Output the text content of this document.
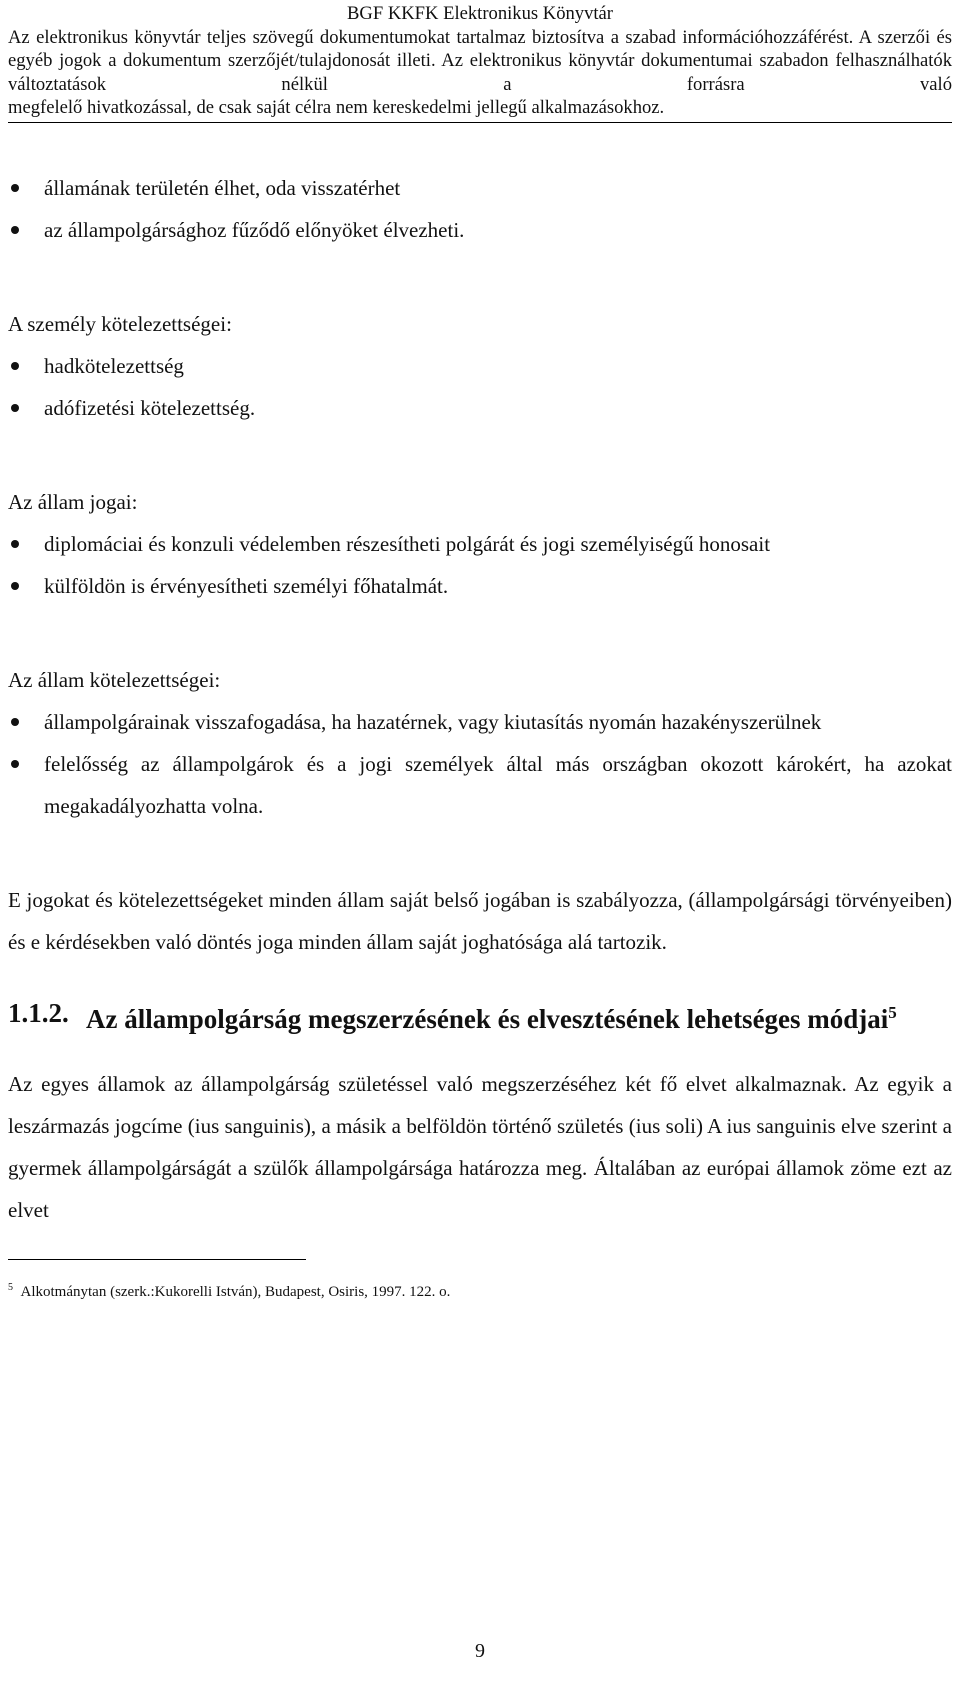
BGF KKFK Elektronikus Könyvtár
Az elektronikus könyvtár teljes szövegű dokumentumokat tartalmaz biztosítva a szabad információhozzáférést. A szerzői és egyéb jogok a dokumentum szerzőjét/tulajdonosát illeti. Az elektronikus könyvtár dokumentumai szabadon felhasználhatók változtatások nélkül a forrásra való
megfelelő hivatkozással, de csak saját célra nem kereskedelmi jellegű alkalmazásokhoz.
államának területén élhet, oda visszatérhet
az állampolgársághoz fűződő előnyöket élvezheti.

A személy kötelezettségei:

hadkötelezettség
adófizetési kötelezettség.

Az állam jogai:

diplomáciai és konzuli védelemben részesítheti polgárát és jogi személyiségű honosait
külföldön is érvényesítheti személyi főhatalmát.

Az állam kötelezettségei:

állampolgárainak visszafogadása, ha hazatérnek, vagy kiutasítás nyomán hazakényszerülnek
felelősség az állampolgárok és a jogi személyek által más országban okozott károkért, ha azokat megakadályozhatta volna.

E jogokat és kötelezettségeket minden állam saját belső jogában is szabályozza, (állampolgársági törvényeiben) és e kérdésekben való döntés joga minden állam saját joghatósága alá tartozik.

1.1.2. Az állampolgárság megszerzésének és elvesztésének lehetséges módjai$^5$

Az egyes államok az állampolgárság születéssel való megszerzéséhez két fő elvet alkalmaznak. Az egyik a leszármazás jogcíme (ius sanguinis), a másik a belföldön történő születés (ius soli) A ius sanguinis elve szerint a gyermek állampolgárságát a szülők állampolgársága határozza meg. Általában az európai államok zöme ezt az elvet

$^5$ Alkotmánytan (szerk.:Kukorelli István), Budapest, Osiris, 1997. 122. o.
9
